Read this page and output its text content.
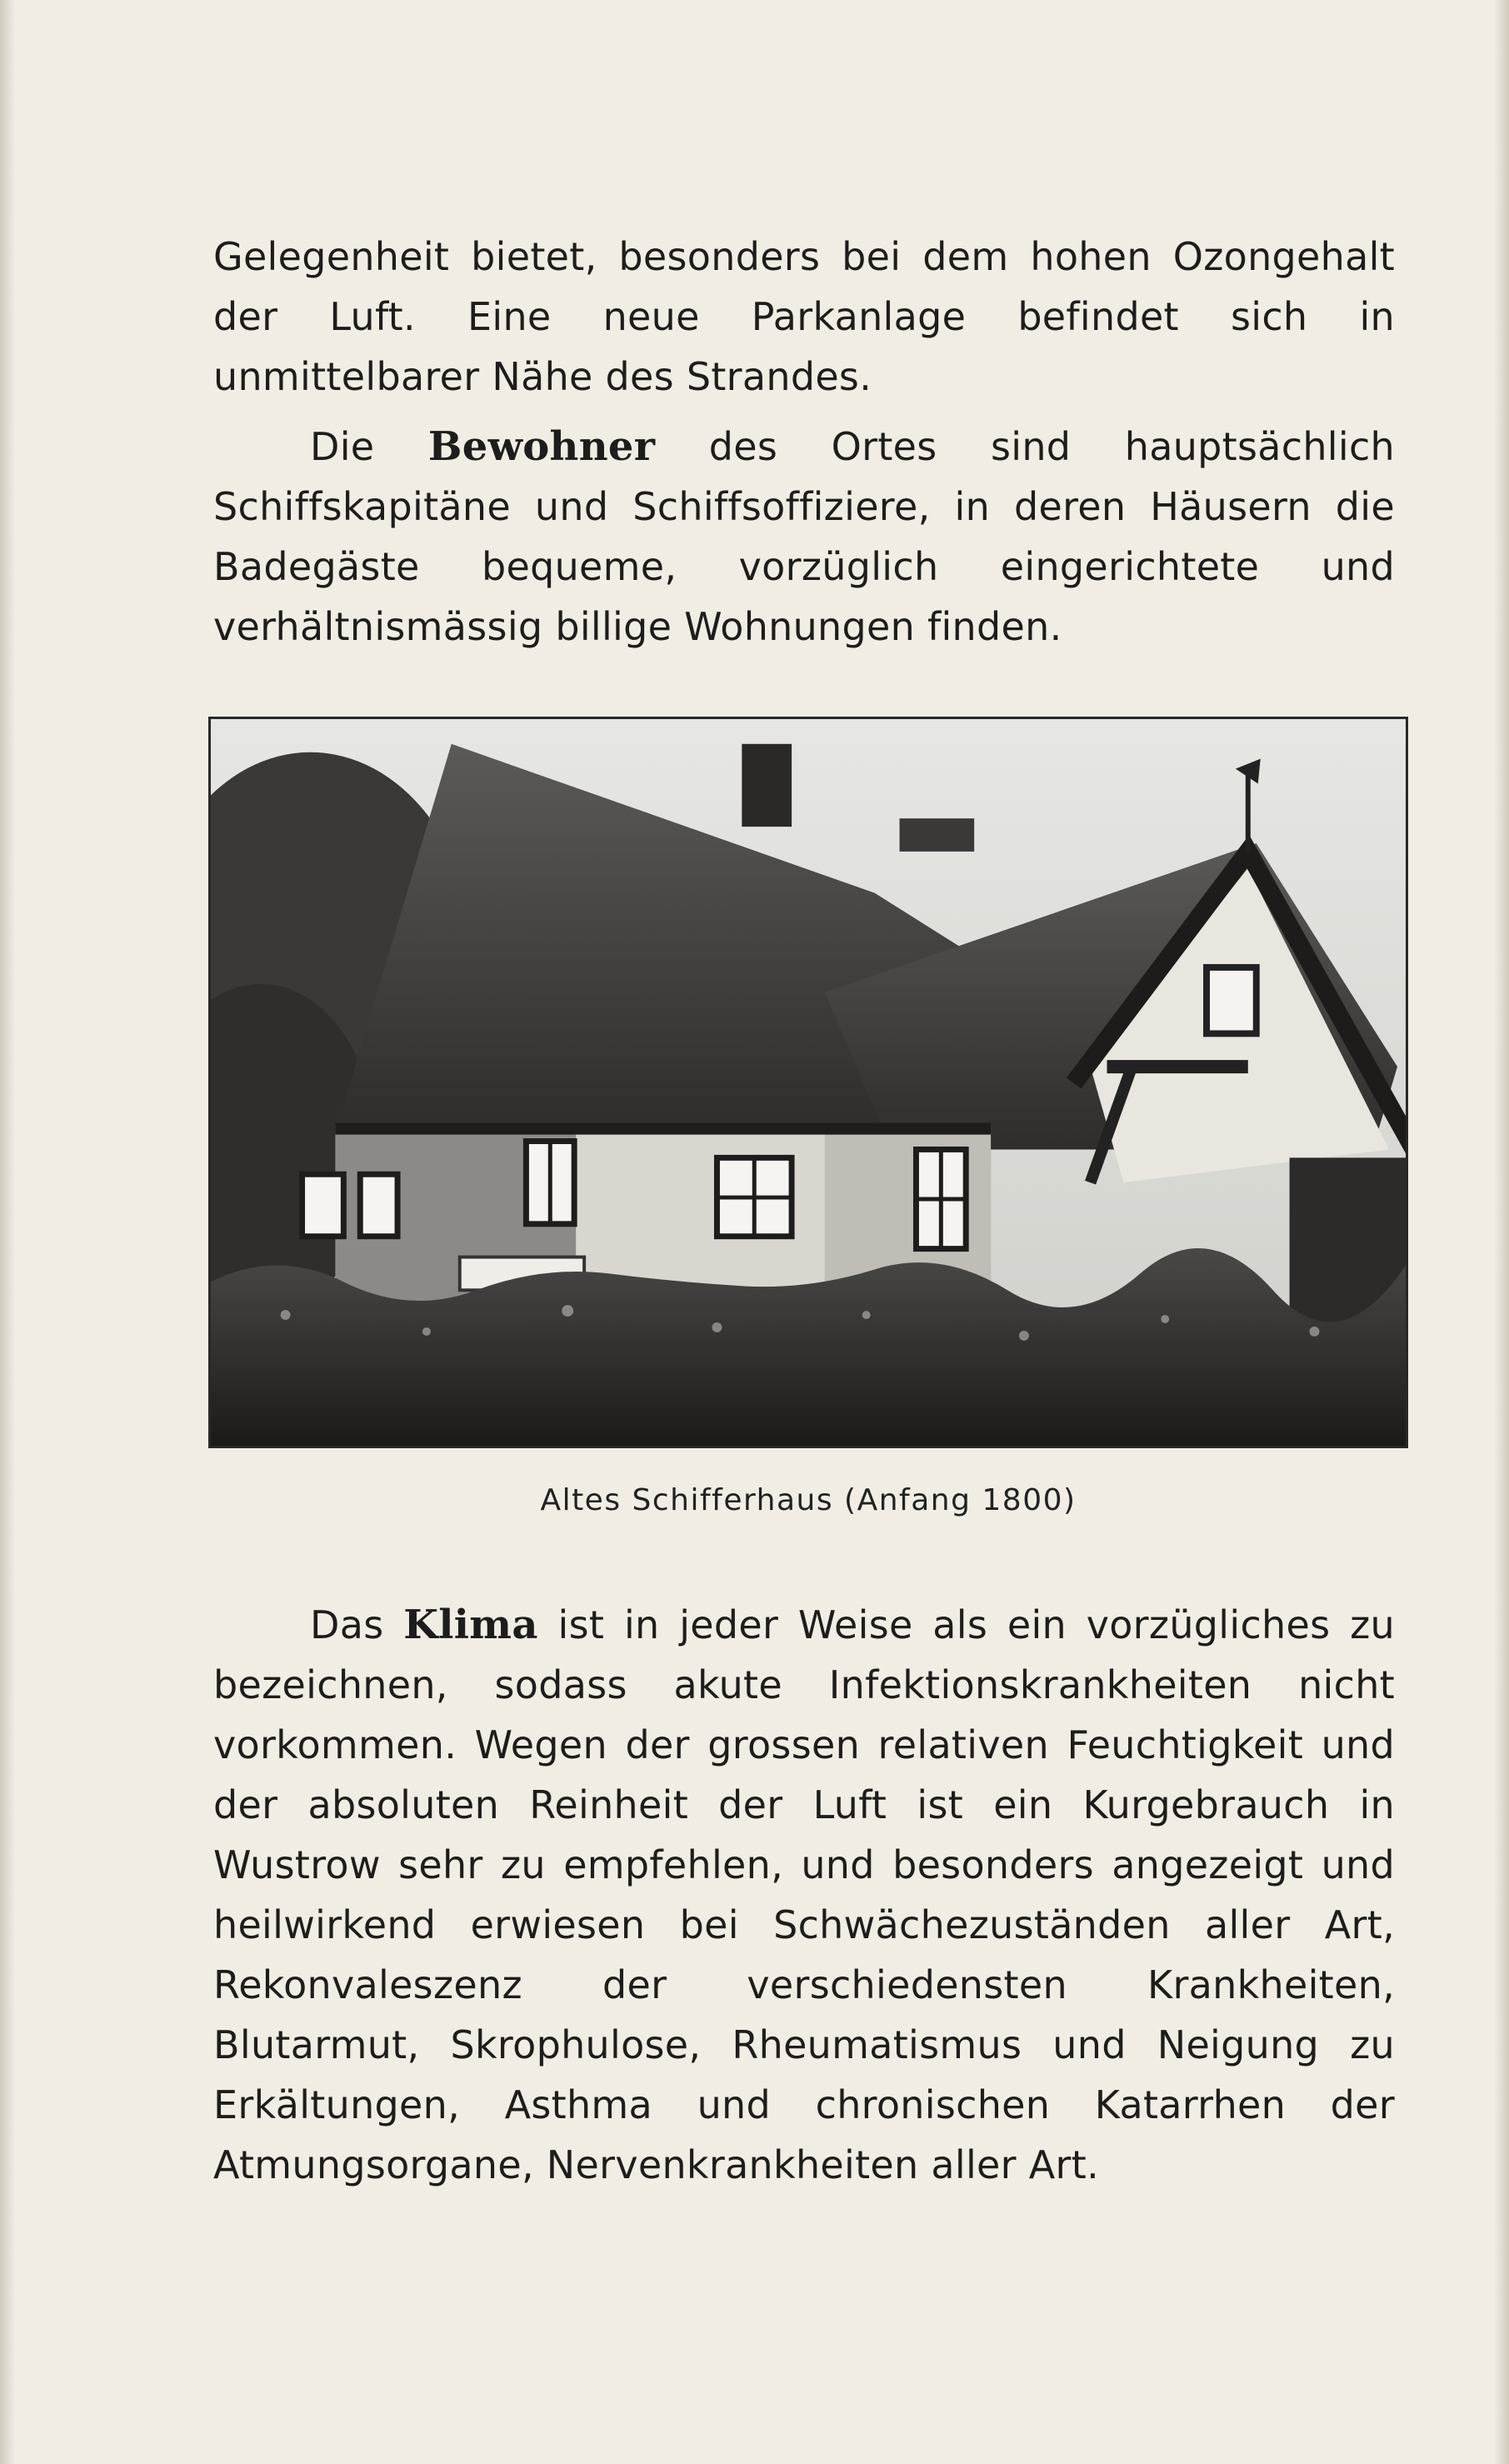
Gelegenheit bietet, besonders bei dem hohen Ozongehalt der Luft. Eine neue Parkanlage befindet sich in unmittelbarer Nähe des Strandes.

Die Bewohner des Ortes sind hauptsächlich Schiffskapitäne und Schiffsoffiziere, in deren Häusern die Badegäste bequeme, vorzüglich eingerichtete und verhältnismässig billige Wohnungen finden.

Altes Schifferhaus (Anfang 1800)

Das Klima ist in jeder Weise als ein vorzügliches zu bezeichnen, sodass akute Infektionskrankheiten nicht vorkommen. Wegen der grossen relativen Feuchtigkeit und der absoluten Reinheit der Luft ist ein Kurgebrauch in Wustrow sehr zu empfehlen, und besonders angezeigt und heilwirkend erwiesen bei Schwächezuständen aller Art, Rekonvaleszenz der verschiedensten Krankheiten, Blutarmut, Skrophulose, Rheumatismus und Neigung zu Erkältungen, Asthma und chronischen Katarrhen der Atmungsorgane, Nervenkrankheiten aller Art.
